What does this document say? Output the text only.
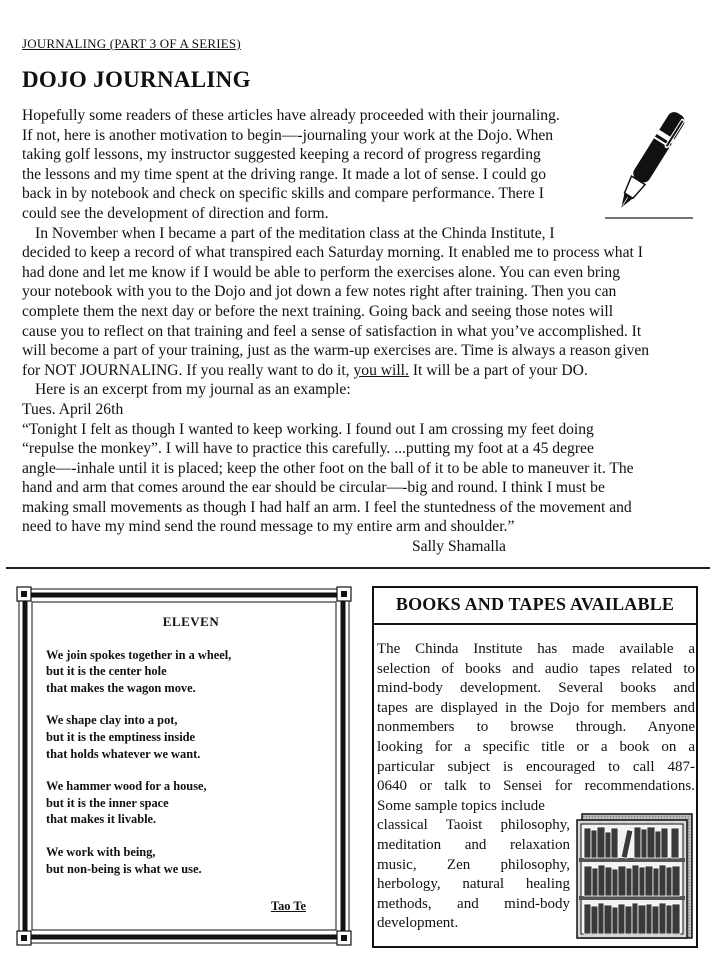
JOURNALING (PART 3 OF A SERIES)
DOJO JOURNALING
Hopefully some readers of these articles have already proceeded with their journaling.
If not, here is another motivation to begin—-journaling your work at the Dojo. When
taking golf lessons, my instructor suggested keeping a record of progress regarding
the lessons and my time spent at the driving range. It made a lot of sense. I could go
back in by notebook and check on specific skills and compare performance. There I
could see the development of direction and form.
In November when I became a part of the meditation class at the Chinda Institute, I
decided to keep a record of what transpired each Saturday morning. It enabled me to process what I
had done and let me know if I would be able to perform the exercises alone. You can even bring
your notebook with you to the Dojo and jot down a few notes right after training. Then you can
complete them the next day or before the next training. Going back and seeing those notes will
cause you to reflect on that training and feel a sense of satisfaction in what you’ve accomplished. It
will become a part of your training, just as the warm-up exercises are. Time is always a reason given
for NOT JOURNALING. If you really want to do it, you will. It will be a part of your DO.
Here is an excerpt from my journal as an example:
Tues. April 26th
“Tonight I felt as though I wanted to keep working. I found out I am crossing my feet doing
“repulse the monkey”. I will have to practice this carefully. ...putting my foot at a 45 degree
angle—-inhale until it is placed; keep the other foot on the ball of it to be able to maneuver it. The
hand and arm that comes around the ear should be circular—-big and round. I think I must be
making small movements as though I had half an arm. I feel the stuntedness of the movement and
need to have my mind send the round message to my entire arm and shoulder.”
Sally Shamalla
ELEVEN
We join spokes together in a wheel,
but it is the center hole
that makes the wagon move.
We shape clay into a pot,
but it is the emptiness inside
that holds whatever we want.
We hammer wood for a house,
but it is the inner space
that makes it livable.
We work with being,
but non-being is what we use.
Tao Te
BOOKS AND TAPES AVAILABLE
The Chinda Institute has made available a
selection of books and audio tapes related to
mind-body development. Several books and
tapes are displayed in the Dojo for members and
nonmembers to browse through. Anyone
looking for a specific title or a book on a
particular subject is encouraged to call 487-
0640 or talk to Sensei for recommendations.
Some sample topics include
classical Taoist philosophy,
meditation and relaxation
music, Zen philosophy,
herbology, natural healing
methods, and mind-body
development.
